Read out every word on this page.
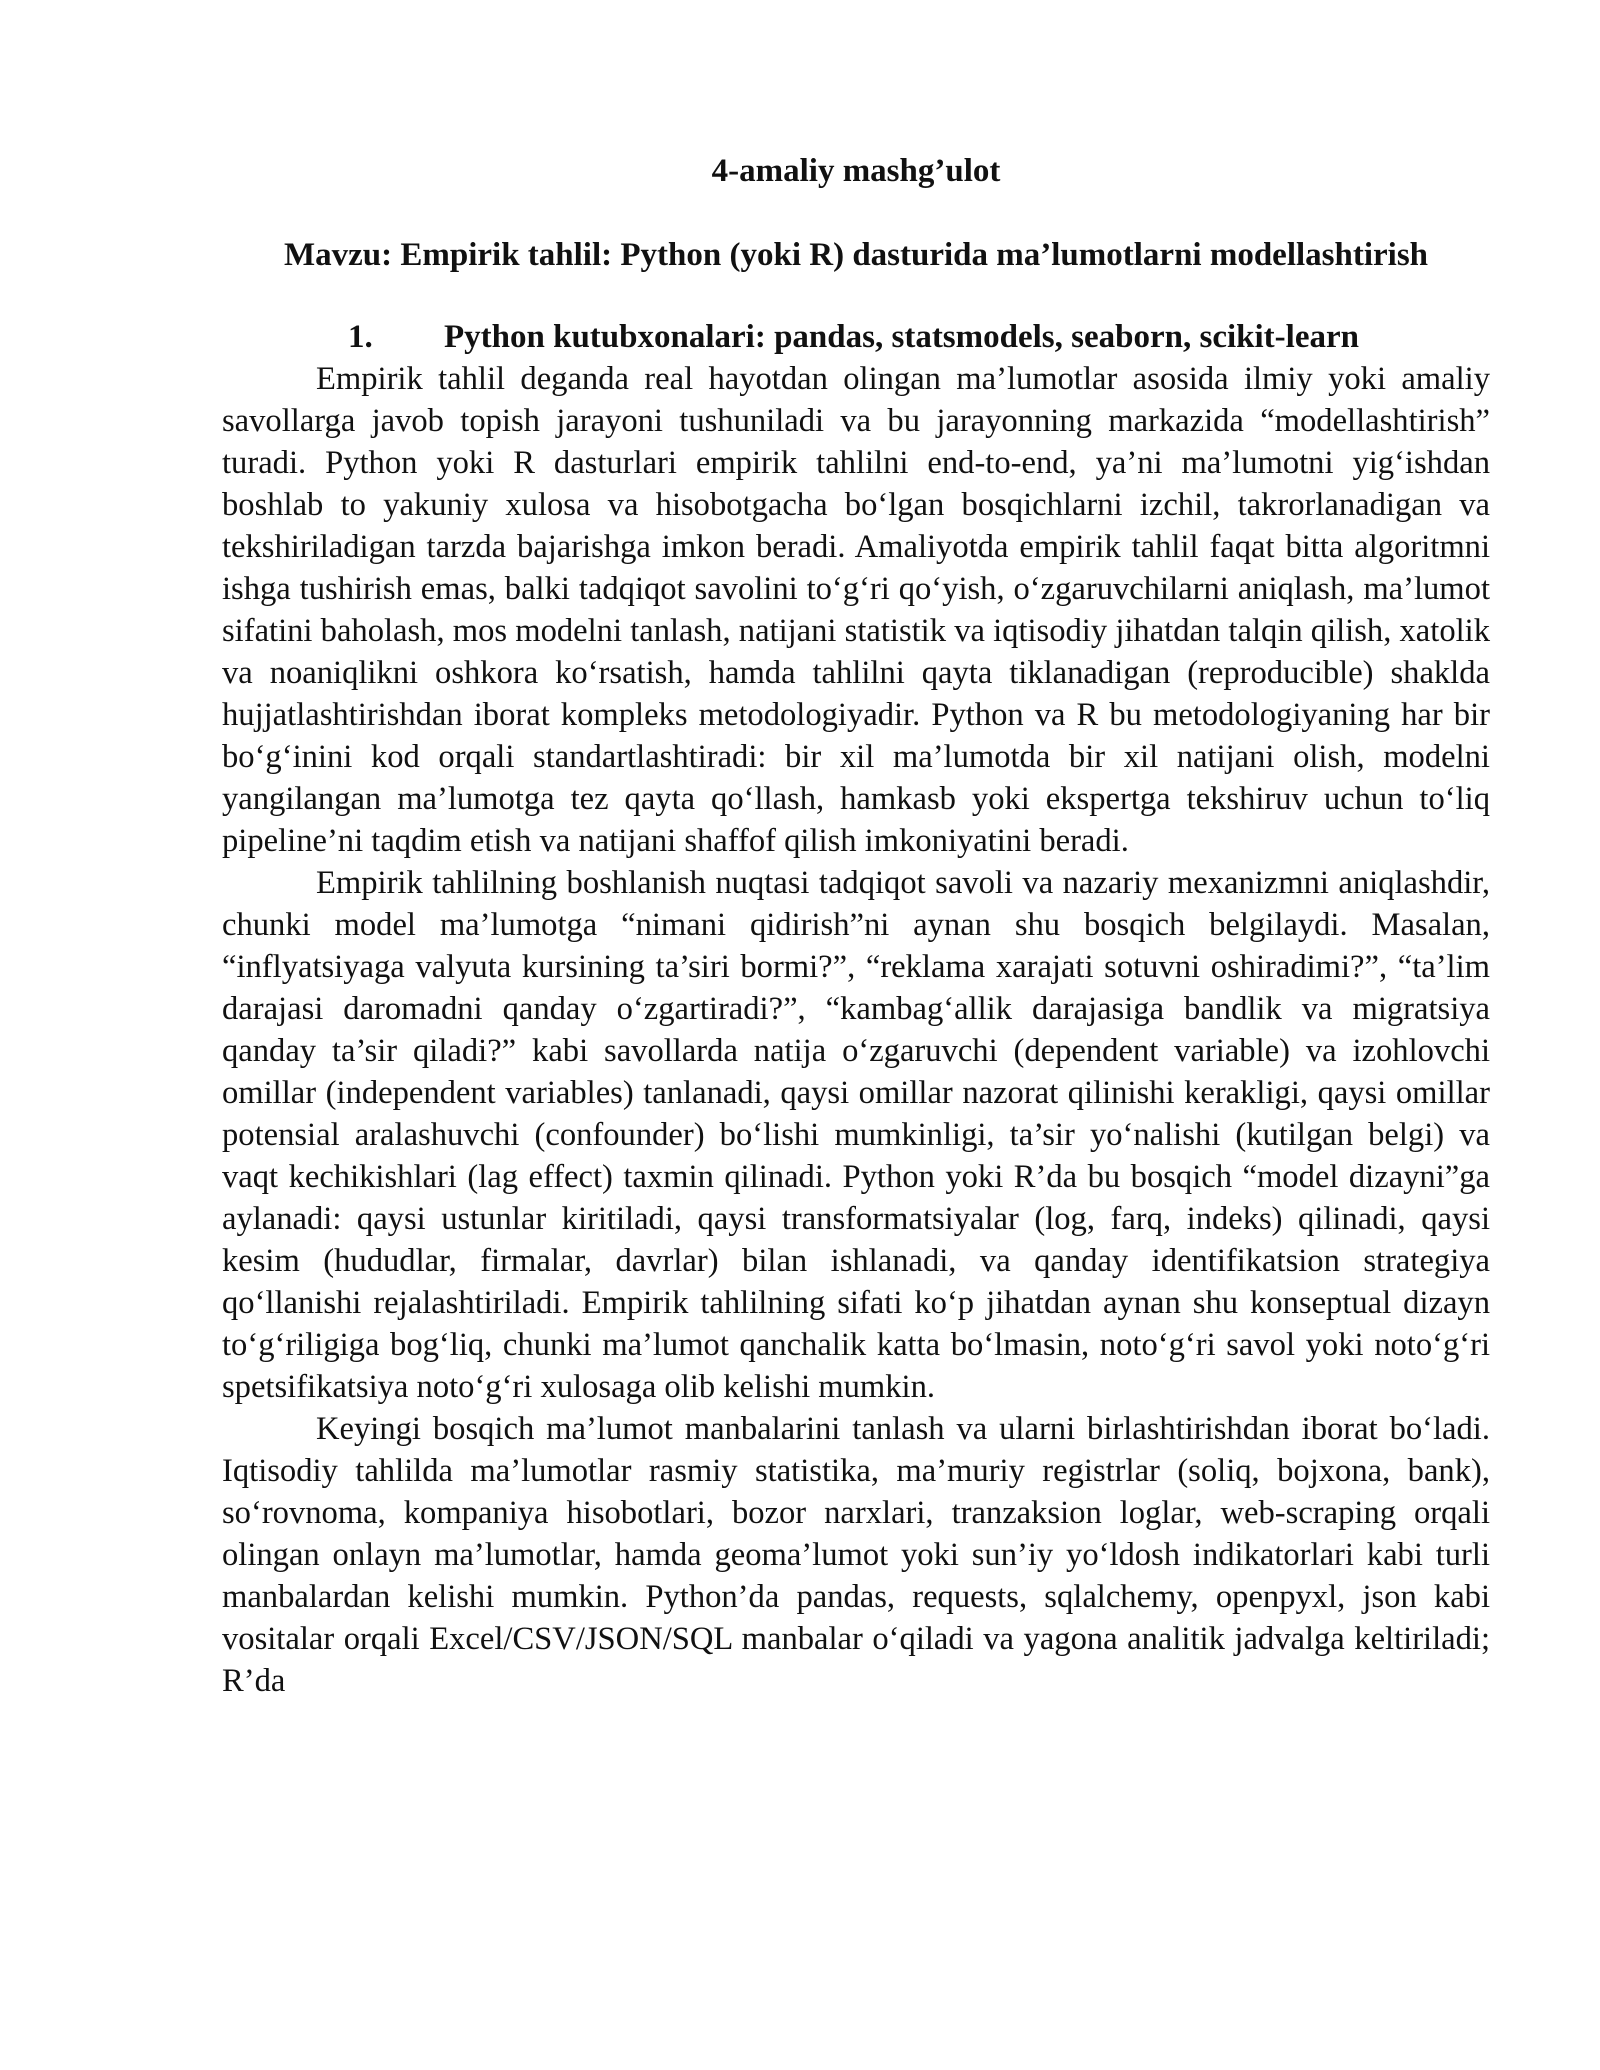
4-amaliy mashg’ulot
Mavzu: Empirik tahlil: Python (yoki R) dasturida ma’lumotlarni modellashtirish
1. Python kutubxonalari: pandas, statsmodels, seaborn, scikit-learn

Empirik tahlil deganda real hayotdan olingan ma’lumotlar asosida ilmiy yoki amaliy savollarga javob topish jarayoni tushuniladi va bu jarayonning markazida “modellashtirish” turadi. Python yoki R dasturlari empirik tahlilni end-to-end, ya’ni ma’lumotni yig‘ishdan boshlab to yakuniy xulosa va hisobotgacha bo‘lgan bosqichlarni izchil, takrorlanadigan va tekshiriladigan tarzda bajarishga imkon beradi. Amaliyotda empirik tahlil faqat bitta algoritmni ishga tushirish emas, balki tadqiqot savolini to‘g‘ri qo‘yish, o‘zgaruvchilarni aniqlash, ma’lumot sifatini baholash, mos modelni tanlash, natijani statistik va iqtisodiy jihatdan talqin qilish, xatolik va noaniqlikni oshkora ko‘rsatish, hamda tahlilni qayta tiklanadigan (reproducible) shaklda hujjatlashtirishdan iborat kompleks metodologiyadir. Python va R bu metodologiyaning har bir bo‘g‘inini kod orqali standartlashtiradi: bir xil ma’lumotda bir xil natijani olish, modelni yangilangan ma’lumotga tez qayta qo‘llash, hamkasb yoki ekspertga tekshiruv uchun to‘liq pipeline’ni taqdim etish va natijani shaffof qilish imkoniyatini beradi.

Empirik tahlilning boshlanish nuqtasi tadqiqot savoli va nazariy mexanizmni aniqlashdir, chunki model ma’lumotga “nimani qidirish”ni aynan shu bosqich belgilaydi. Masalan, “inflyatsiyaga valyuta kursining ta’siri bormi?”, “reklama xarajati sotuvni oshiradimi?”, “ta’lim darajasi daromadni qanday o‘zgartiradi?”, “kambag‘allik darajasiga bandlik va migratsiya qanday ta’sir qiladi?” kabi savollarda natija o‘zgaruvchi (dependent variable) va izohlovchi omillar (independent variables) tanlanadi, qaysi omillar nazorat qilinishi kerakligi, qaysi omillar potensial aralashuvchi (confounder) bo‘lishi mumkinligi, ta’sir yo‘nalishi (kutilgan belgi) va vaqt kechikishlari (lag effect) taxmin qilinadi. Python yoki R’da bu bosqich “model dizayni”ga aylanadi: qaysi ustunlar kiritiladi, qaysi transformatsiyalar (log, farq, indeks) qilinadi, qaysi kesim (hududlar, firmalar, davrlar) bilan ishlanadi, va qanday identifikatsion strategiya qo‘llanishi rejalashtiriladi. Empirik tahlilning sifati ko‘p jihatdan aynan shu konseptual dizayn to‘g‘riligiga bog‘liq, chunki ma’lumot qanchalik katta bo‘lmasin, noto‘g‘ri savol yoki noto‘g‘ri spetsifikatsiya noto‘g‘ri xulosaga olib kelishi mumkin.

Keyingi bosqich ma’lumot manbalarini tanlash va ularni birlashtirishdan iborat bo‘ladi. Iqtisodiy tahlilda ma’lumotlar rasmiy statistika, ma’muriy registrlar (soliq, bojxona, bank), so‘rovnoma, kompaniya hisobotlari, bozor narxlari, tranzaksion loglar, web-scraping orqali olingan onlayn ma’lumotlar, hamda geoma’lumot yoki sun’iy yo‘ldosh indikatorlari kabi turli manbalardan kelishi mumkin. Python’da pandas, requests, sqlalchemy, openpyxl, json kabi vositalar orqali Excel/CSV/JSON/SQL manbalar o‘qiladi va yagona analitik jadvalga keltiriladi; R’da
